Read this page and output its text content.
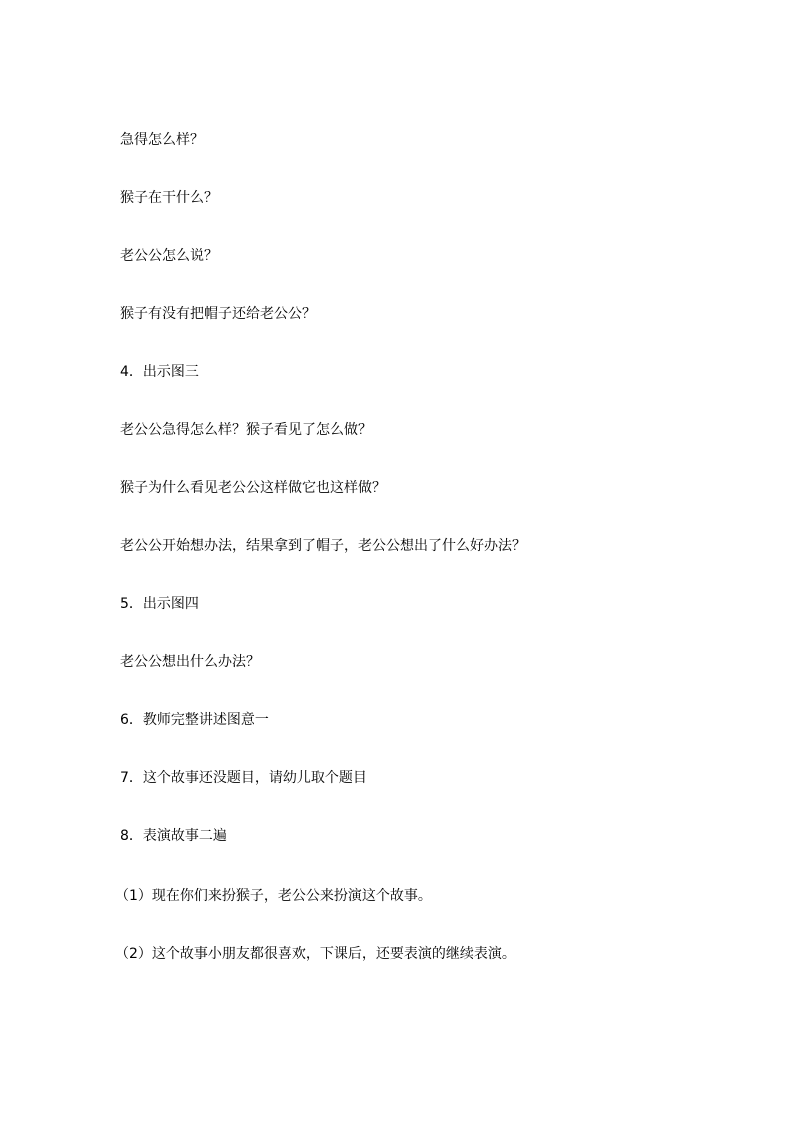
急得怎么样？

猴子在干什么？

老公公怎么说？

猴子有没有把帽子还给老公公？

4．出示图三

老公公急得怎么样？猴子看见了怎么做？

猴子为什么看见老公公这样做它也这样做？

老公公开始想办法，结果拿到了帽子，老公公想出了什么好办法？

5．出示图四

老公公想出什么办法？

6．教师完整讲述图意一

7．这个故事还没题目，请幼儿取个题目

8．表演故事二遍

（1）现在你们来扮猴子，老公公来扮演这个故事。

（2）这个故事小朋友都很喜欢，下课后，还要表演的继续表演。
